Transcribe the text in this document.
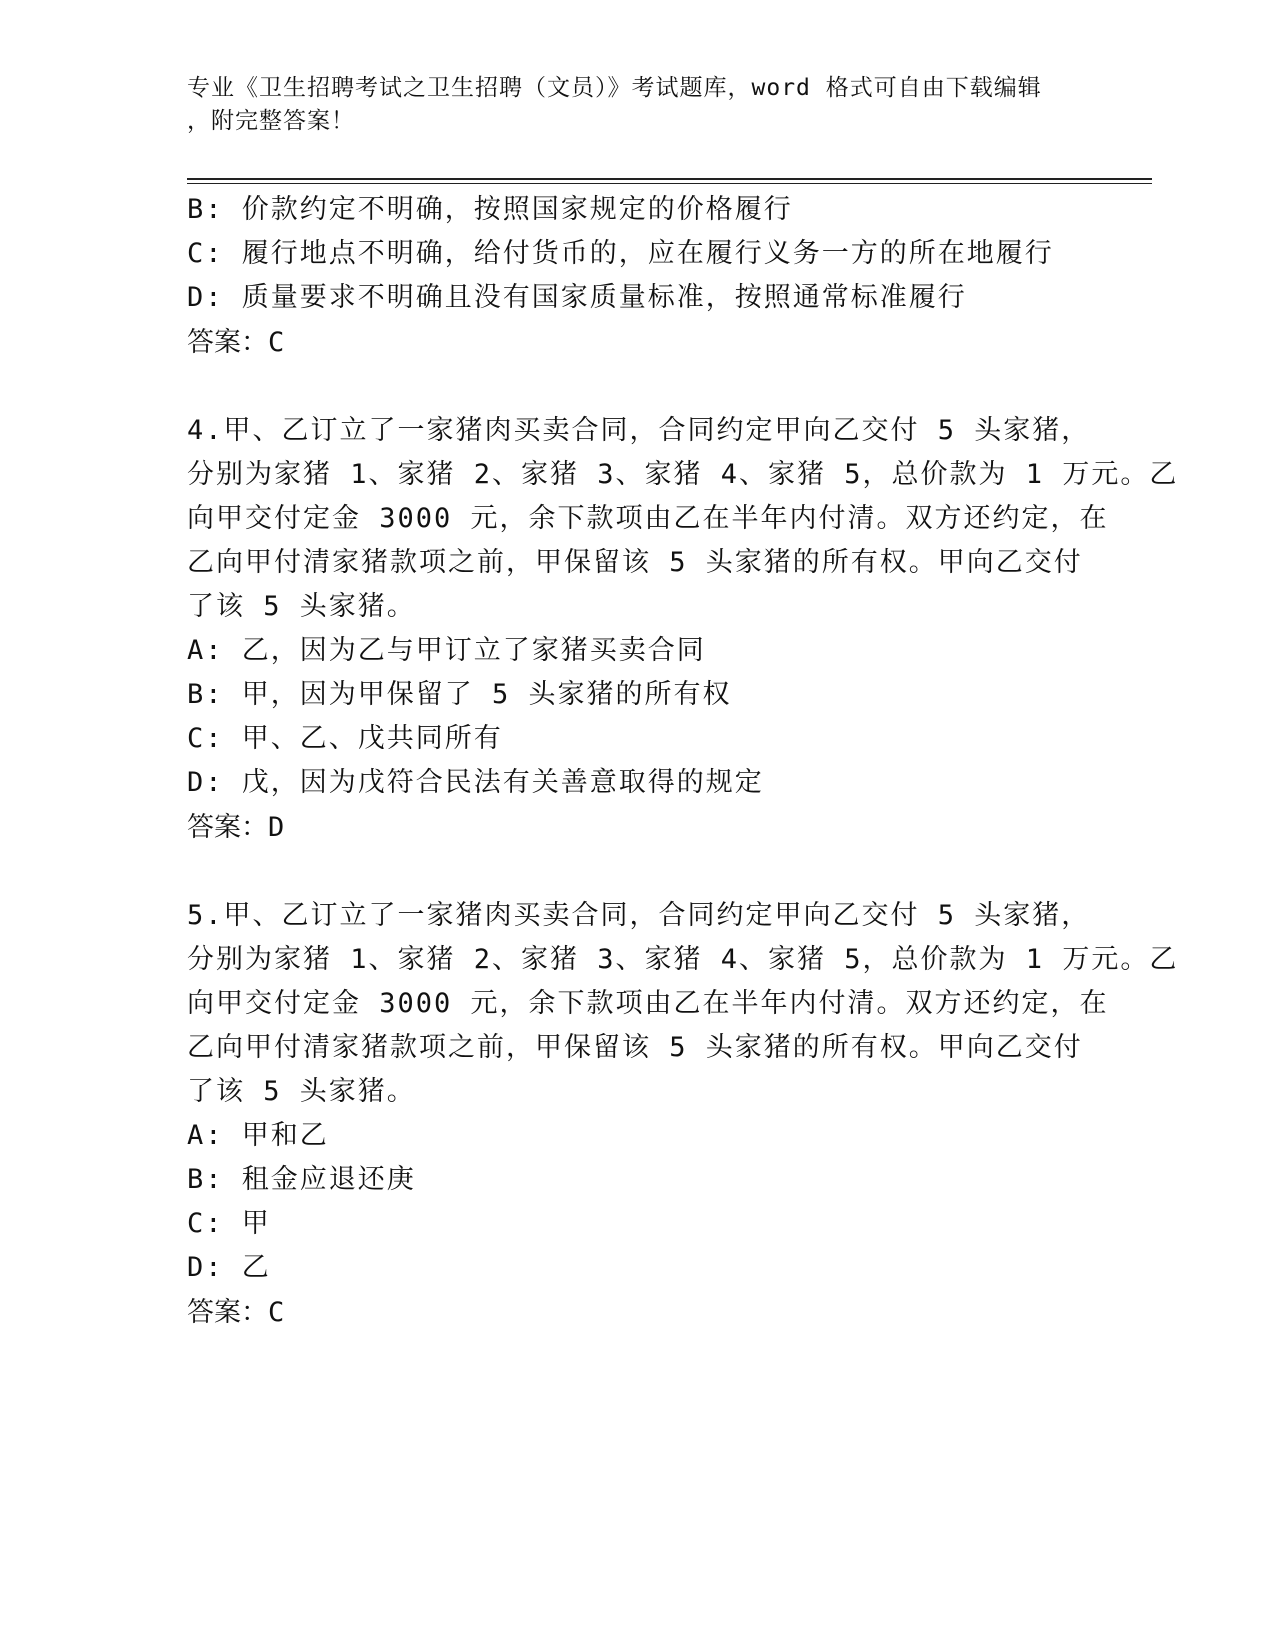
专业《卫生招聘考试之卫生招聘（文员）》考试题库，word 格式可自由下载编辑
，附完整答案！
B: 价款约定不明确，按照国家规定的价格履行
C: 履行地点不明确，给付货币的，应在履行义务一方的所在地履行
D: 质量要求不明确且没有国家质量标准，按照通常标准履行
答案：C
4.甲、乙订立了一家猪肉买卖合同，合同约定甲向乙交付 5 头家猪，
分别为家猪 1、家猪 2、家猪 3、家猪 4、家猪 5，总价款为 1 万元。乙
向甲交付定金 3000 元，余下款项由乙在半年内付清。双方还约定，在
乙向甲付清家猪款项之前，甲保留该 5 头家猪的所有权。甲向乙交付
了该 5 头家猪。
A: 乙，因为乙与甲订立了家猪买卖合同
B: 甲，因为甲保留了 5 头家猪的所有权
C: 甲、乙、戊共同所有
D: 戊，因为戊符合民法有关善意取得的规定
答案：D
5.甲、乙订立了一家猪肉买卖合同，合同约定甲向乙交付 5 头家猪，
分别为家猪 1、家猪 2、家猪 3、家猪 4、家猪 5，总价款为 1 万元。乙
向甲交付定金 3000 元，余下款项由乙在半年内付清。双方还约定，在
乙向甲付清家猪款项之前，甲保留该 5 头家猪的所有权。甲向乙交付
了该 5 头家猪。
A: 甲和乙
B: 租金应退还庚
C: 甲
D: 乙
答案：C
